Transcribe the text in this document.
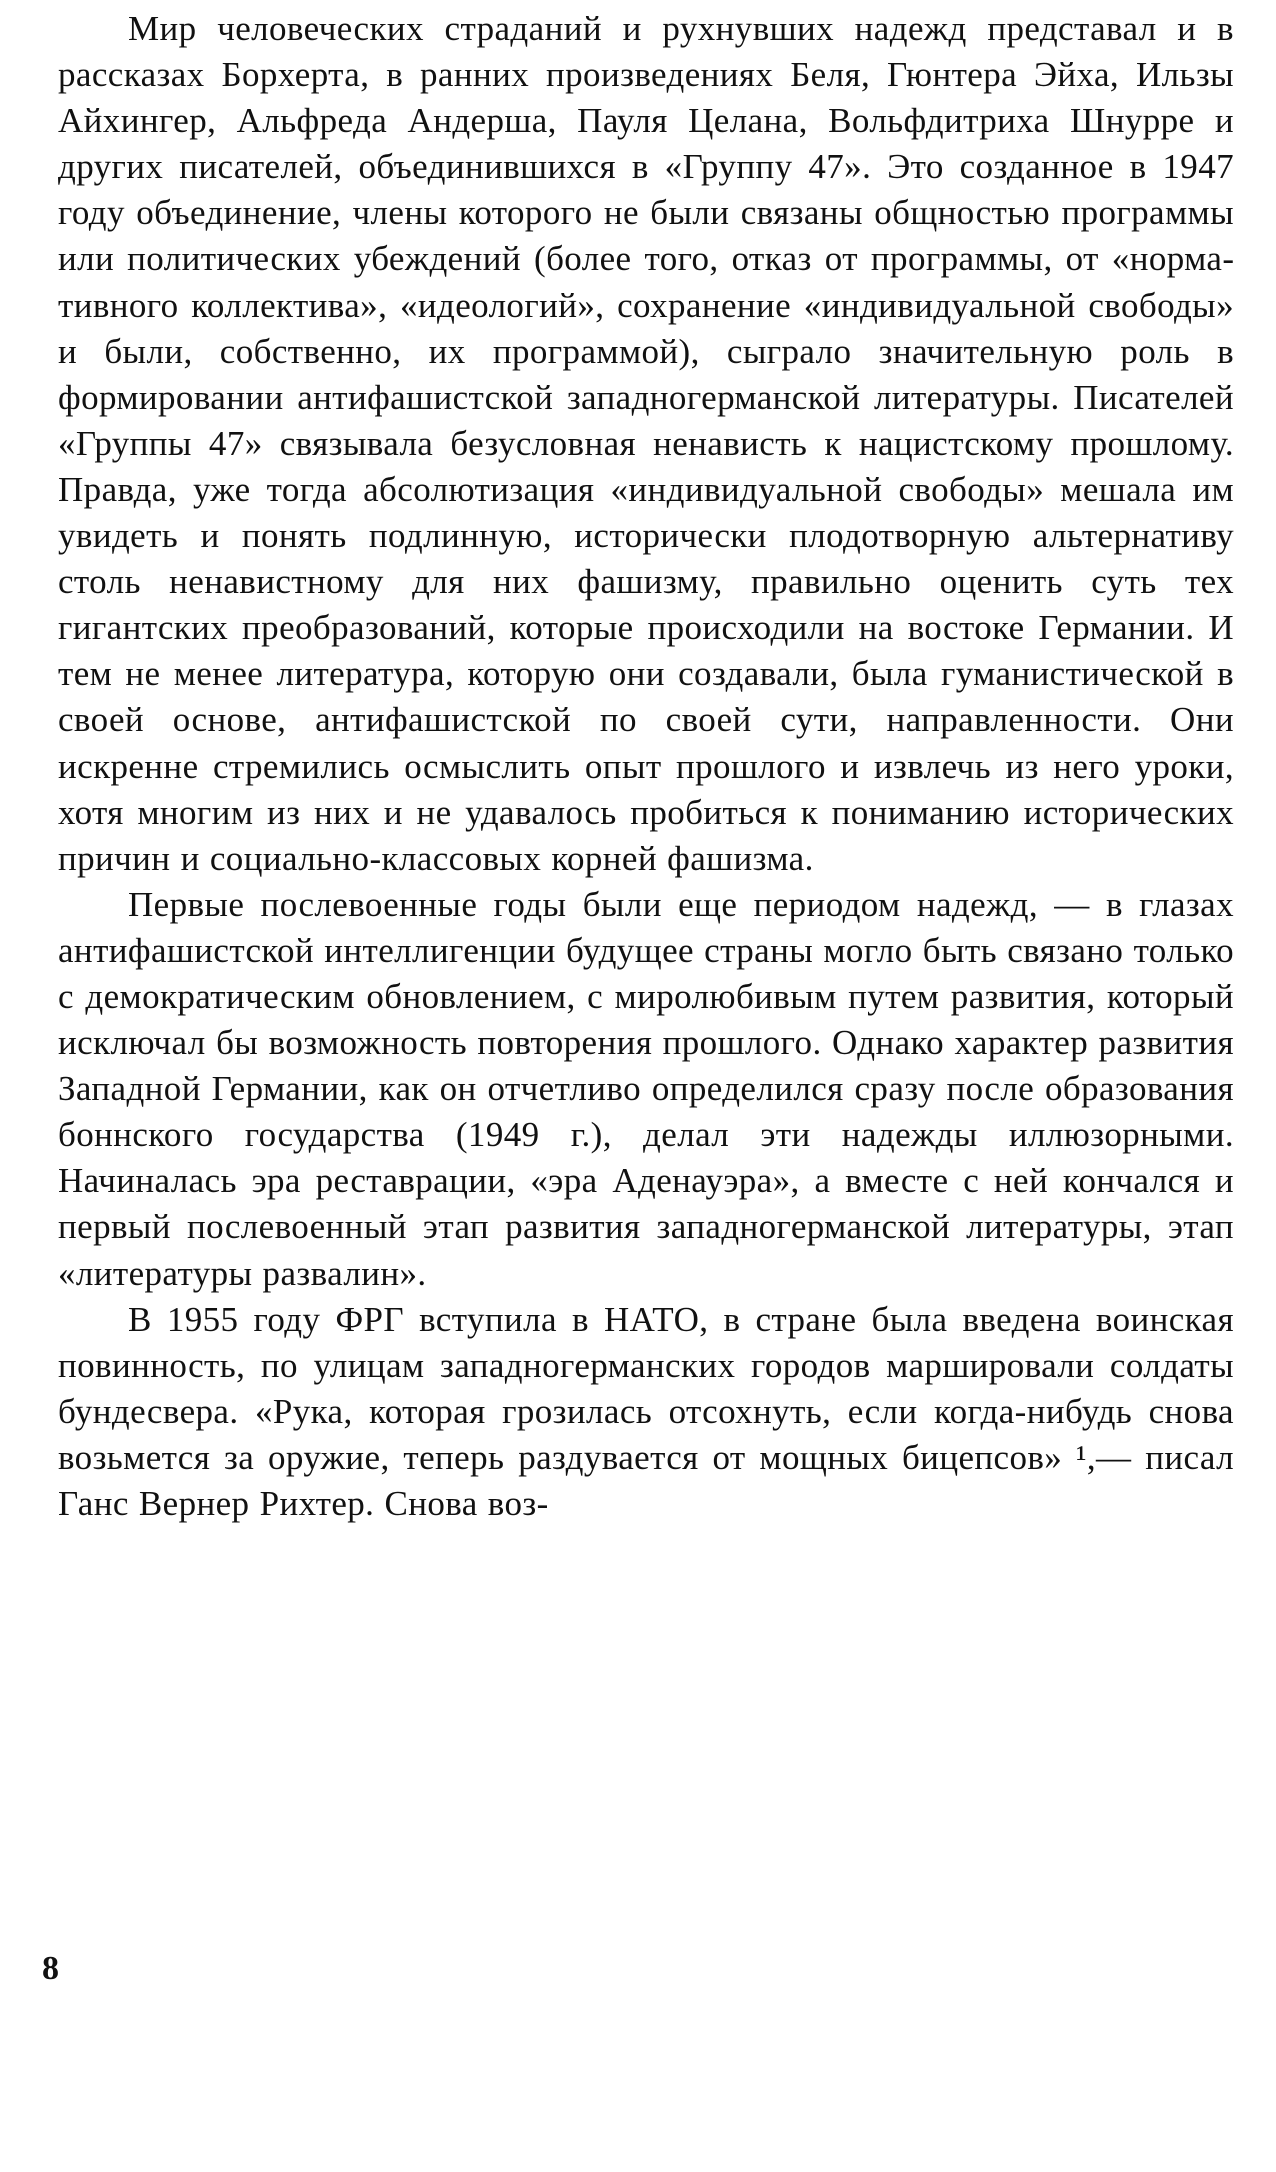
Мир человеческих страданий и рухнувших надежд представал и в рассказах Борхерта, в ранних произведениях Беля, Гюнтера Эйха, Ильзы Айхингер, Альфреда Андерша, Пауля Целана, Вольфдитриха Шнурре и других писателей, объединившихся в «Группу 47». Это созданное в 1947 году объединение, члены которого не были связаны общностью программы или политических убеждений (более того, отказ от программы, от «нормативного коллектива», «идеологий», сохранение «индивидуальной свободы» и были, собственно, их программой), сыграло значительную роль в формировании антифашистской западногерманской литературы. Писателей «Группы 47» связывала безусловная ненависть к нацистскому прошлому. Правда, уже тогда абсолютизация «индивидуальной свободы» мешала им увидеть и понять подлинную, исторически плодотворную альтернативу столь ненавистному для них фашизму, правильно оценить суть тех гигантских преобразований, которые происходили на востоке Германии. И тем не менее литература, которую они создавали, была гуманистической в своей основе, антифашистской по своей сути, направленности. Они искренне стремились осмыслить опыт прошлого и извлечь из него уроки, хотя многим из них и не удавалось пробиться к пониманию исторических причин и социально-классовых корней фашизма.

Первые послевоенные годы были еще периодом надежд, — в глазах антифашистской интеллигенции будущее страны могло быть связано только с демократическим обновлением, с миролюбивым путем развития, который исключал бы возможность повторения прошлого. Однако характер развития Западной Германии, как он отчетливо определился сразу после образования боннского государства (1949 г.), делал эти надежды иллюзорными. Начиналась эра реставрации, «эра Аденауэра», а вместе с ней кончался и первый послевоенный этап развития западногерманской литературы, этап «литературы развалин».

В 1955 году ФРГ вступила в НАТО, в стране была введена воинская повинность, по улицам западногерманских городов маршировали солдаты бундесвера. «Рука, которая грозилась отсохнуть, если когда-нибудь снова возьмется за оружие, теперь раздувается от мощных бицепсов» ¹,— писал Ганс Вернер Рихтер. Снова воз-

8
